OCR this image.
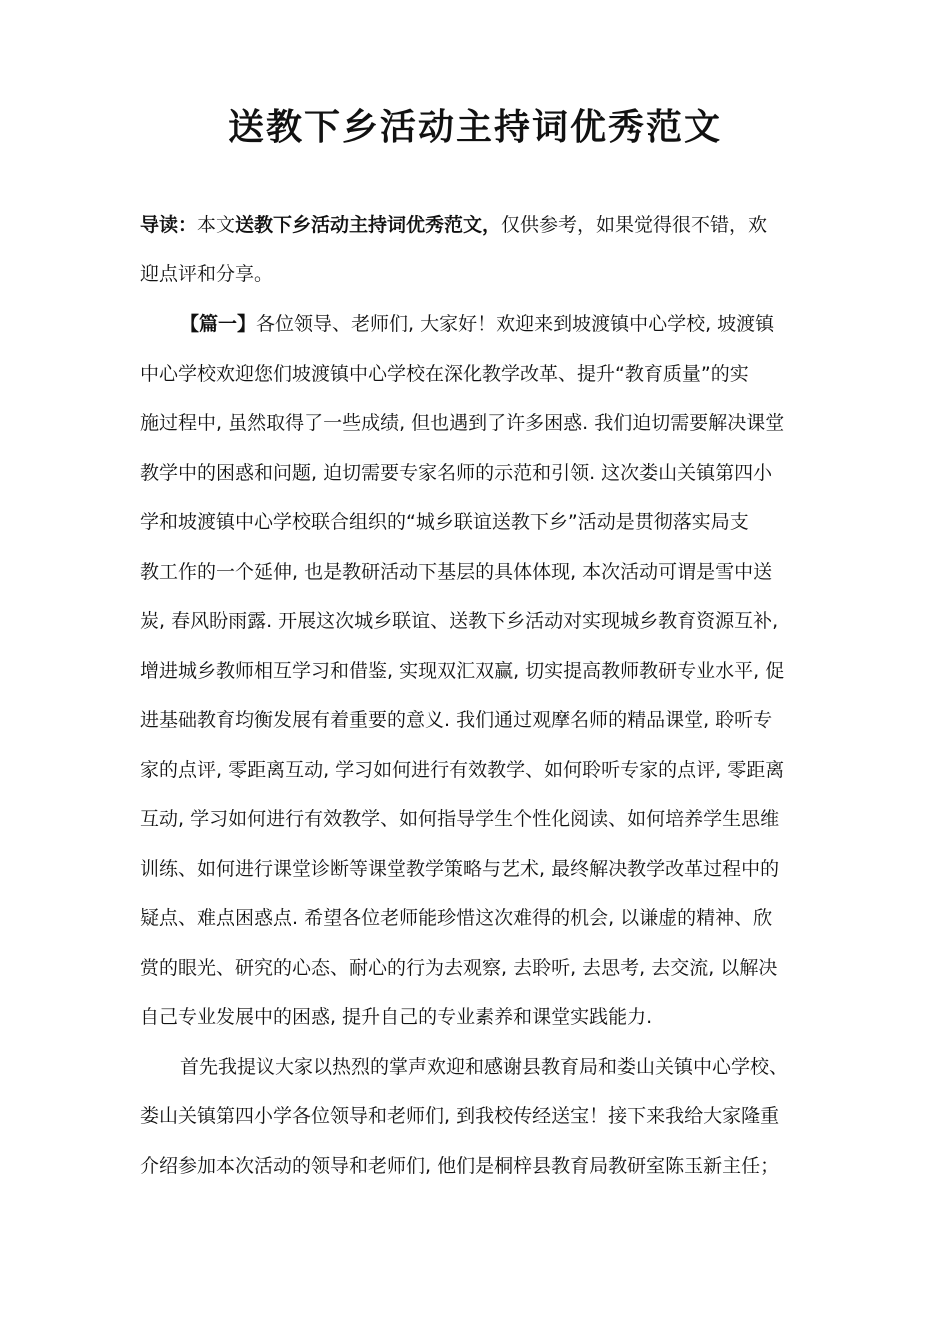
送教下乡活动主持词优秀范文
导读：本文送教下乡活动主持词优秀范文，仅供参考，如果觉得很不错，欢
迎点评和分享。
【篇一】各位领导、老师们, 大家好！欢迎来到坡渡镇中心学校, 坡渡镇
中心学校欢迎您们坡渡镇中心学校在深化教学改革、提升“教育质量”的实
施过程中, 虽然取得了一些成绩, 但也遇到了许多困惑. 我们迫切需要解决课堂
教学中的困惑和问题, 迫切需要专家名师的示范和引领. 这次娄山关镇第四小
学和坡渡镇中心学校联合组织的“城乡联谊送教下乡”活动是贯彻落实局支
教工作的一个延伸, 也是教研活动下基层的具体体现, 本次活动可谓是雪中送
炭, 春风盼雨露. 开展这次城乡联谊、送教下乡活动对实现城乡教育资源互补,
增进城乡教师相互学习和借鉴, 实现双汇双赢, 切实提高教师教研专业水平, 促
进基础教育均衡发展有着重要的意义. 我们通过观摩名师的精品课堂, 聆听专
家的点评, 零距离互动, 学习如何进行有效教学、如何聆听专家的点评, 零距离
互动, 学习如何进行有效教学、如何指导学生个性化阅读、如何培养学生思维
训练、如何进行课堂诊断等课堂教学策略与艺术, 最终解决教学改革过程中的
疑点、难点困惑点. 希望各位老师能珍惜这次难得的机会, 以谦虚的精神、欣
赏的眼光、研究的心态、耐心的行为去观察, 去聆听, 去思考, 去交流, 以解决
自己专业发展中的困惑, 提升自己的专业素养和课堂实践能力.
首先我提议大家以热烈的掌声欢迎和感谢县教育局和娄山关镇中心学校、
娄山关镇第四小学各位领导和老师们, 到我校传经送宝！接下来我给大家隆重
介绍参加本次活动的领导和老师们, 他们是桐梓县教育局教研室陈玉新主任；
